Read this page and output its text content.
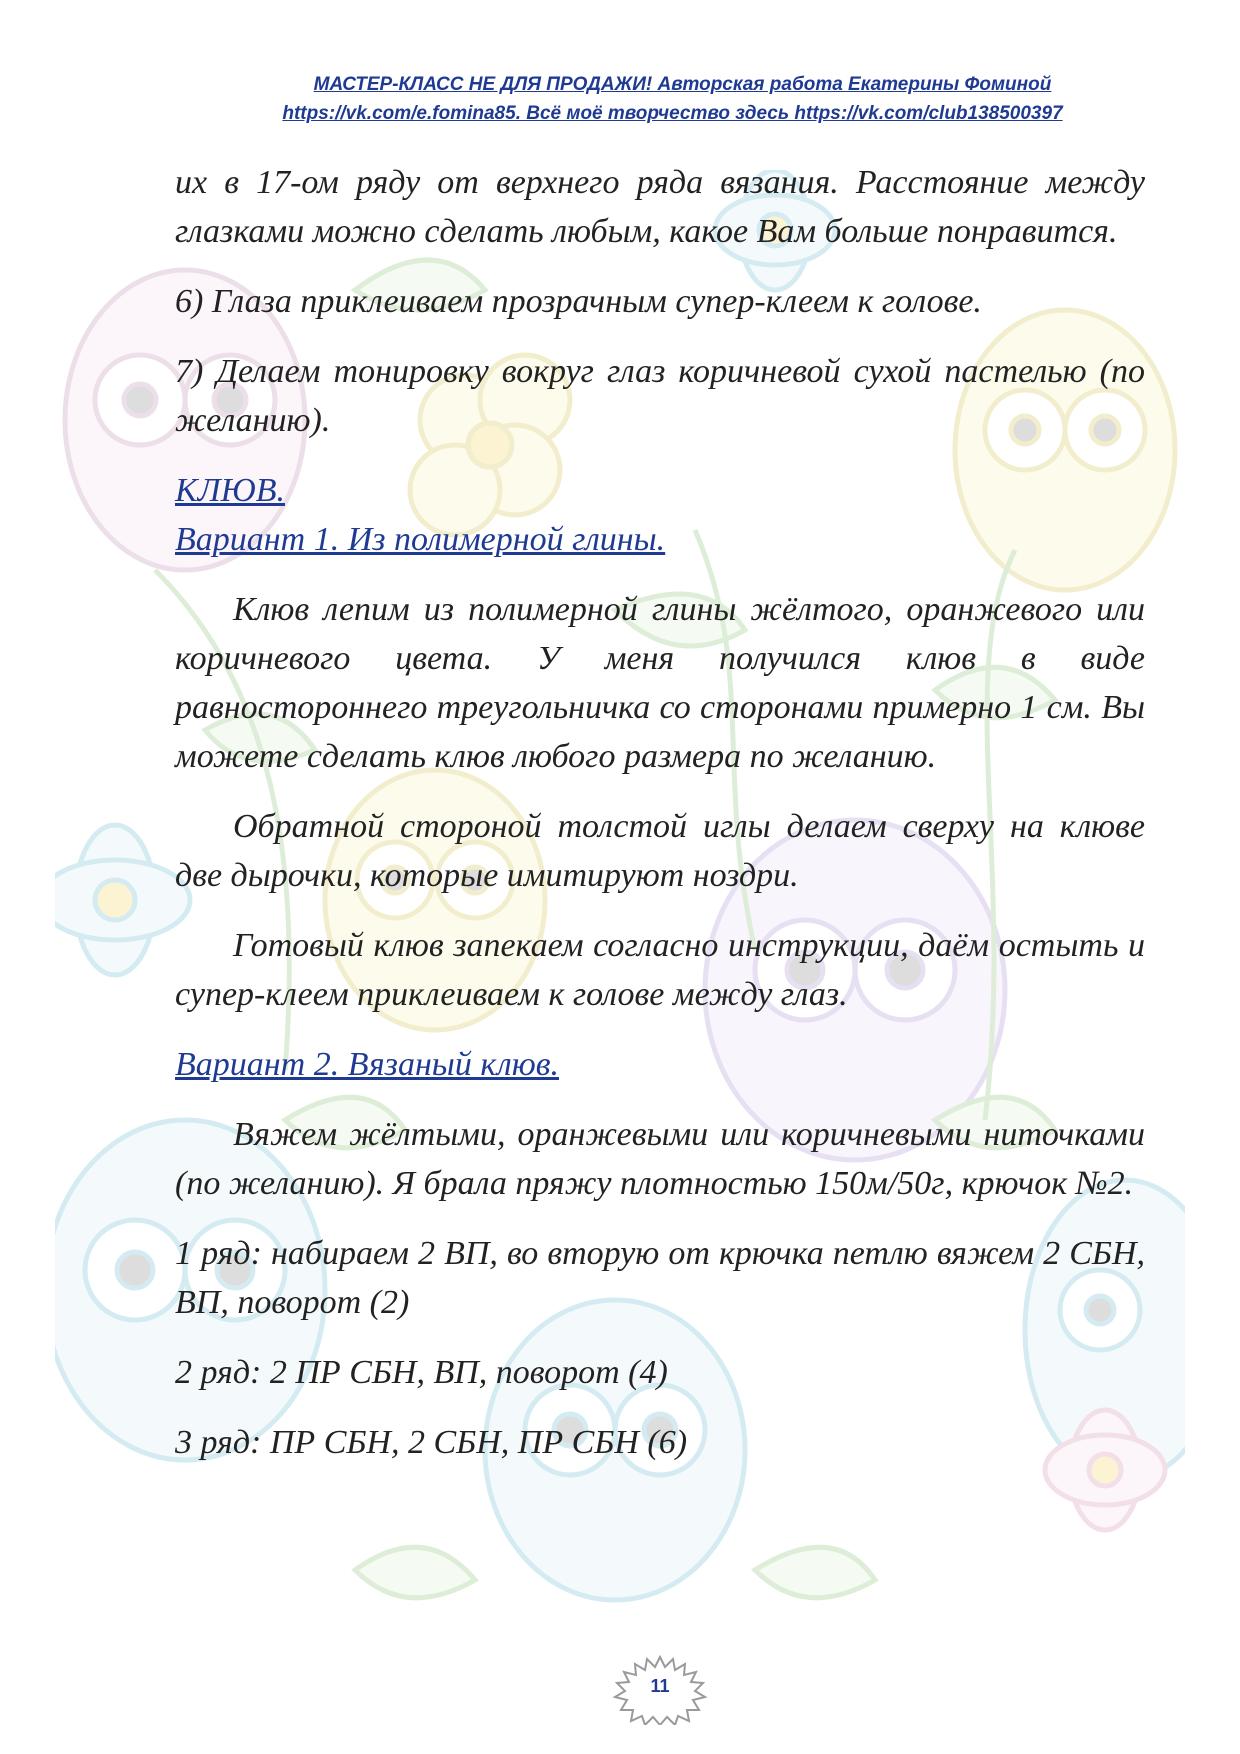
МАСТЕР-КЛАСС НЕ ДЛЯ ПРОДАЖИ! Авторская работа Екатерины Фоминой
https://vk.com/e.fomina85. Всё моё творчество здесь https://vk.com/club138500397

их в 17-ом ряду от верхнего ряда вязания. Расстояние между глазками можно сделать любым, какое Вам больше понравится.

6) Глаза приклеиваем прозрачным супер-клеем к голове.

7) Делаем тонировку вокруг глаз коричневой сухой пастелью (по желанию).

КЛЮВ.
Вариант 1. Из полимерной глины.

Клюв лепим из полимерной глины жёлтого, оранжевого или коричневого цвета. У меня получился клюв в виде равностороннего треугольничка со сторонами примерно 1 см. Вы можете сделать клюв любого размера по желанию.

Обратной стороной толстой иглы делаем сверху на клюве две дырочки, которые имитируют ноздри.

Готовый клюв запекаем согласно инструкции, даём остыть и супер-клеем приклеиваем к голове между глаз.

Вариант 2. Вязаный клюв.

Вяжем жёлтыми, оранжевыми или коричневыми ниточками (по желанию). Я брала пряжу плотностью 150м/50г, крючок №2.

1 ряд: набираем 2 ВП, во вторую от крючка петлю вяжем 2 СБН, ВП, поворот (2)

2 ряд: 2 ПР СБН, ВП, поворот (4)

3 ряд: ПР СБН, 2 СБН, ПР СБН (6)

11
